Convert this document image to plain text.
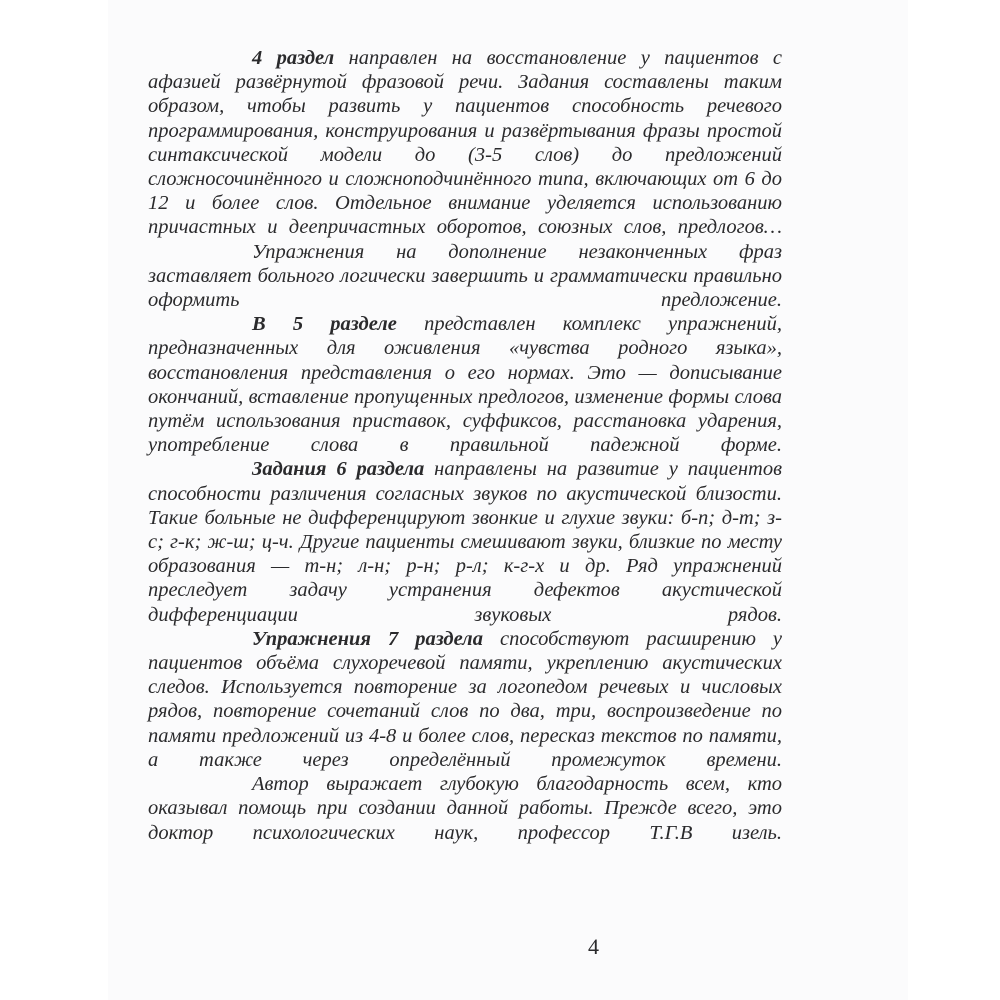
4 раздел направлен на восстановление у пациентов с афазией развёрнутой фразовой речи. Задания составлены таким образом, чтобы развить у пациентов способность речевого программирования, конструирования и развёртывания фразы простой синтаксической модели до (3-5 слов) до предложений сложносочинённого и сложноподчинённого типа, включающих от 6 до 12 и более слов. Отдельное внимание уделяется использованию причастных и деепричастных оборотов, союзных слов, предлогов…

Упражнения на дополнение незаконченных фраз заставляет больного логически завершить и грамматически правильно оформить предложение.

В 5 разделе представлен комплекс упражнений, предназначенных для оживления «чувства родного языка», восстановления представления о его нормах. Это — дописывание окончаний, вставление пропущенных предлогов, изменение формы слова путём использования приставок, суффиксов, расстановка ударения, употребление слова в правильной падежной форме.

Задания 6 раздела направлены на развитие у пациентов способности различения согласных звуков по акустической близости. Такие больные не дифференцируют звонкие и глухие звуки: б-п; д-т; з-с; г-к; ж-ш; ц-ч. Другие пациенты смешивают звуки, близкие по месту образования — т-н; л-н; р-н; р-л; к-г-х и др. Ряд упражнений преследует задачу устранения дефектов акустической дифференциации звуковых рядов.

Упражнения 7 раздела способствуют расширению у пациентов объёма слухоречевой памяти, укреплению акустических следов. Используется повторение за логопедом речевых и числовых рядов, повторение сочетаний слов по два, три, воспроизведение по памяти предложений из 4-8 и более слов, пересказ текстов по памяти, а также через определённый промежуток времени.

Автор выражает глубокую благодарность всем, кто оказывал помощь при создании данной работы. Прежде всего, это доктор психологических наук, профессор Т.Г.В изель.

4
